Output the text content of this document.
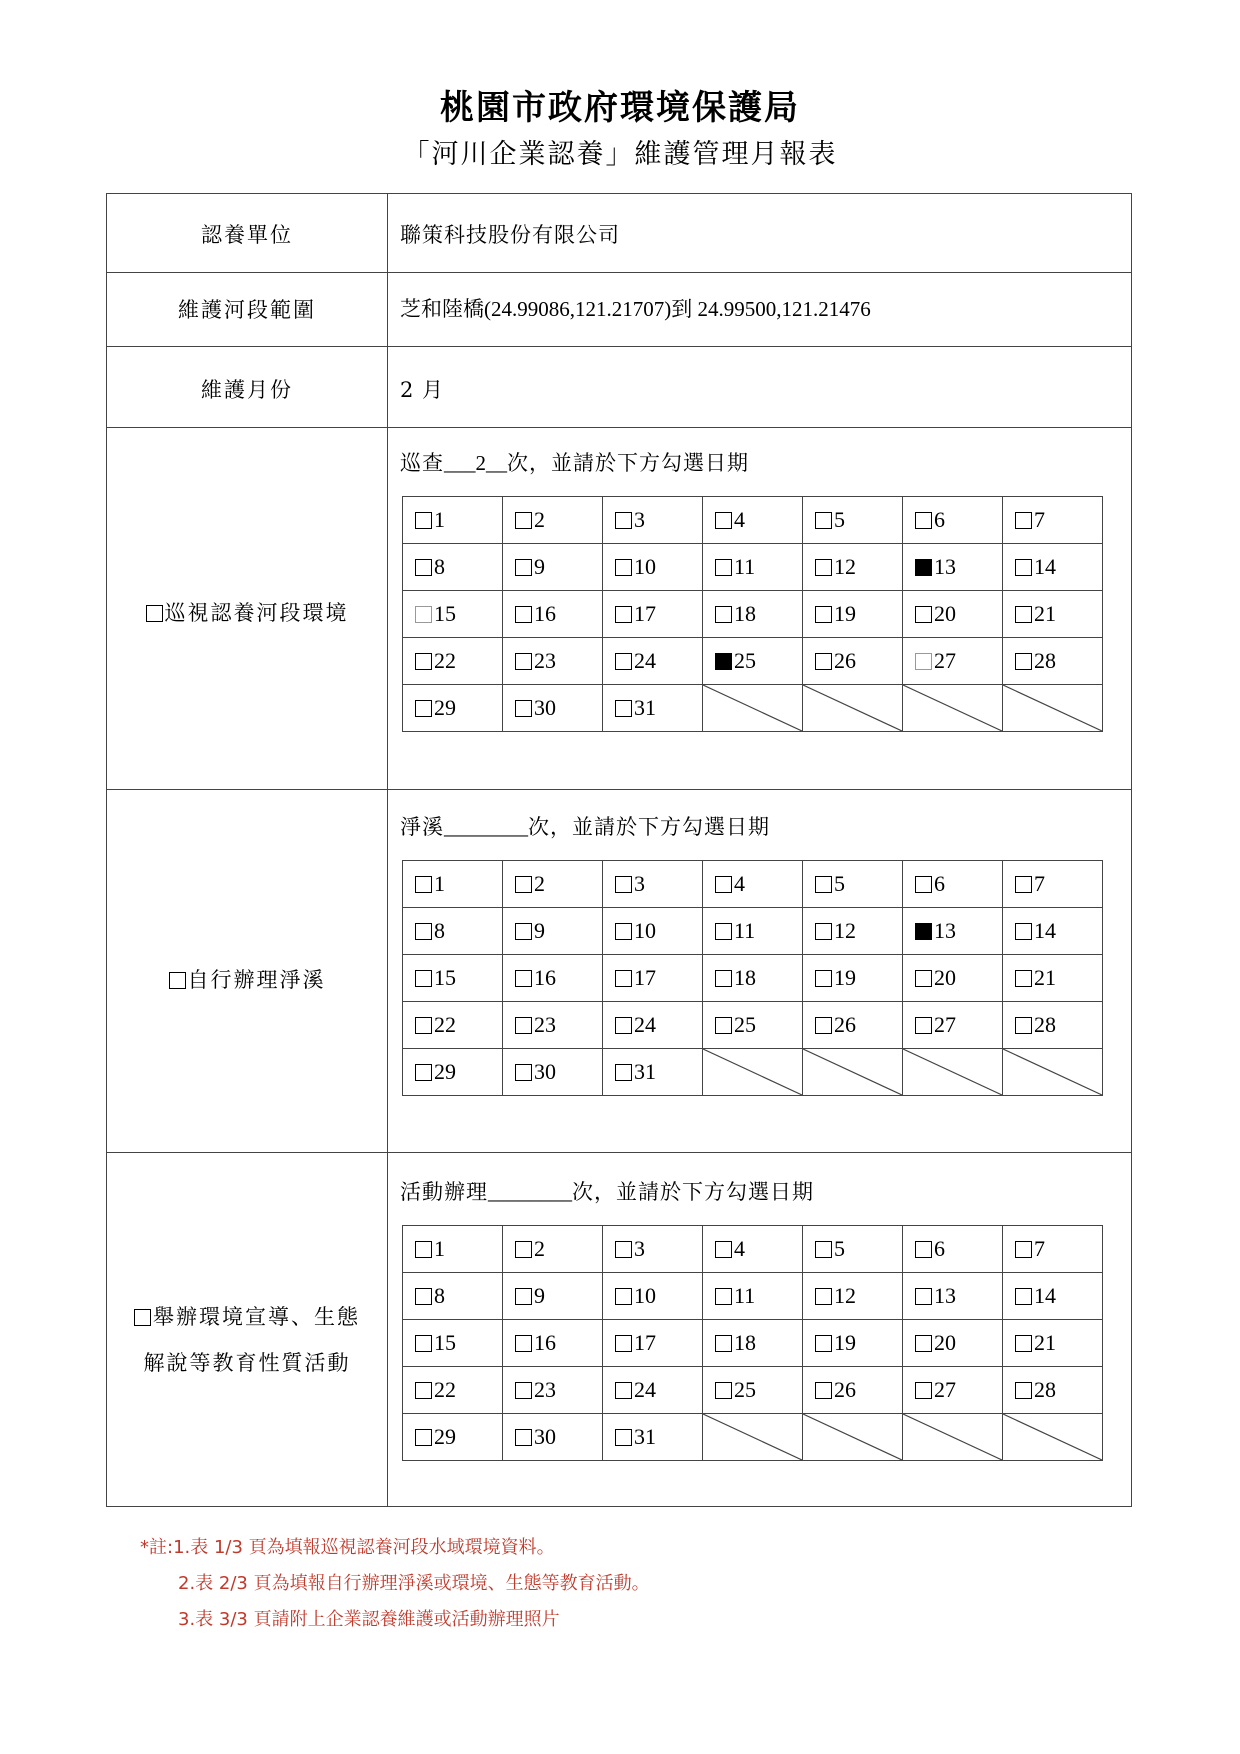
桃園市政府環境保護局
「河川企業認養」維護管理月報表
認養單位	聯策科技股份有限公司
維護河段範圍	芝和陸橋(24.99086,121.21707)到 24.99500,121.21476
維護月份	2 月
巡視認養河段環境
巡查___2__次，並請於下方勾選日期
1	2	3	4	5	6	7
8	9	10	11	12	13	14
15	16	17	18	19	20	21
22	23	24	25	26	27	28
29	30	31	

自行辦理淨溪
淨溪________次，並請於下方勾選日期
1	2	3	4	5	6	7
8	9	10	11	12	13	14
15	16	17	18	19	20	21
22	23	24	25	26	27	28
29	30	31	

舉辦環境宣導、生態
解說等教育性質活動
活動辦理________次，並請於下方勾選日期
1	2	3	4	5	6	7
8	9	10	11	12	13	14
15	16	17	18	19	20	21
22	23	24	25	26	27	28
29	30	31	

*註:1.表 1/3 頁為填報巡視認養河段水域環境資料。
2.表 2/3 頁為填報自行辦理淨溪或環境、生態等教育活動。
3.表 3/3 頁請附上企業認養維護或活動辦理照片
